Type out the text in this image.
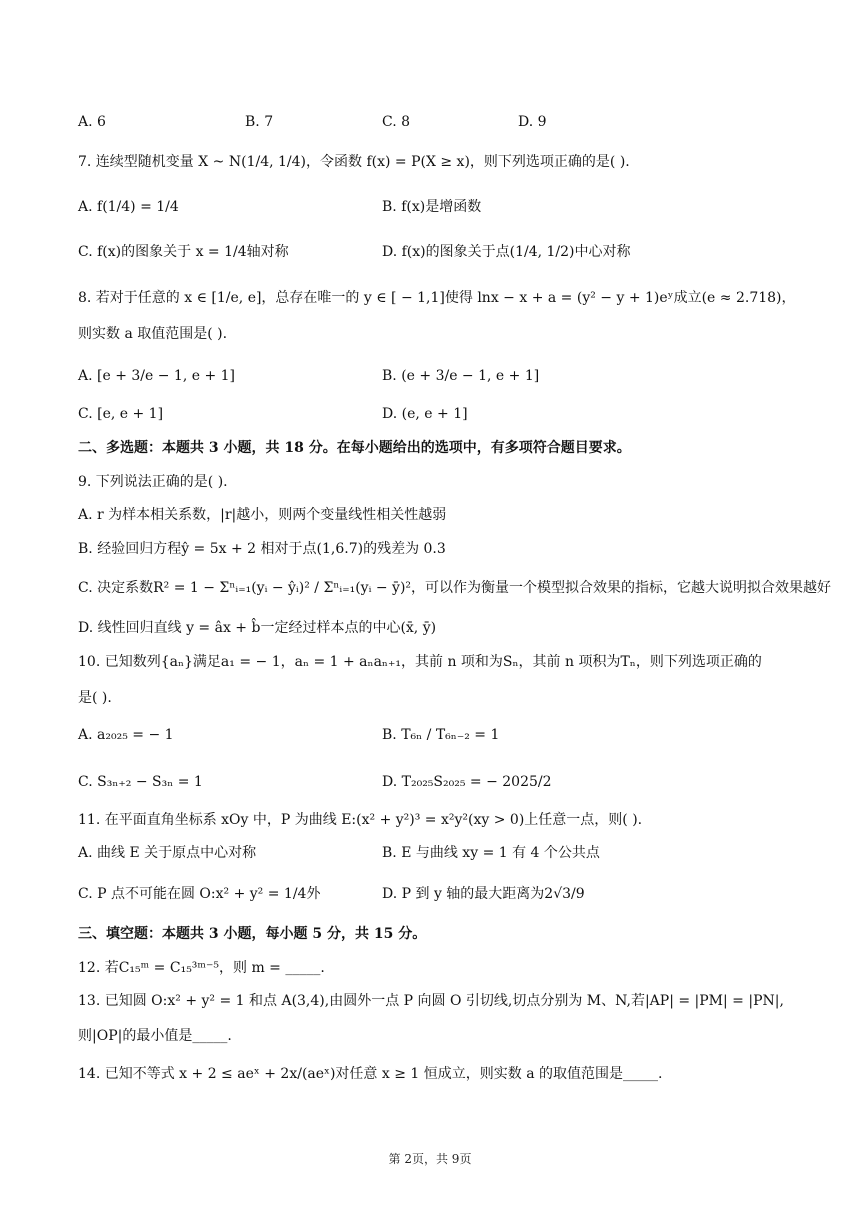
A. 6	B. 7	C. 8	D. 9
7. 连续型随机变量 X ~ N(1/4, 1/4)，令函数 f(x) = P(X ≥ x)，则下列选项正确的是( ).
A. f(1/4) = 1/4	B. f(x)是增函数
C. f(x)的图象关于 x = 1/4轴对称	D. f(x)的图象关于点(1/4, 1/2)中心对称
8. 若对于任意的 x ∈ [1/e, e]，总存在唯一的 y ∈ [ − 1,1]使得 lnx − x + a = (y² − y + 1)eʸ成立(e ≈ 2.718)，
则实数 a 取值范围是( ).
A. [e + 3/e − 1, e + 1]	B. (e + 3/e − 1, e + 1]
C. [e, e + 1]	D. (e, e + 1]
二、多选题：本题共 3 小题，共 18 分。在每小题给出的选项中，有多项符合题目要求。
9. 下列说法正确的是( ).
A. r 为样本相关系数，|r|越小，则两个变量线性相关性越弱
B. 经验回归方程ŷ = 5x + 2 相对于点(1,6.7)的残差为 0.3
C. 决定系数R² = 1 − Σⁿᵢ₌₁(yᵢ − ŷᵢ)² / Σⁿᵢ₌₁(yᵢ − ȳ)²，可以作为衡量一个模型拟合效果的指标，它越大说明拟合效果越好
D. 线性回归直线 y = âx + b̂一定经过样本点的中心(x̄, ȳ)
10. 已知数列{aₙ}满足a₁ = − 1，aₙ = 1 + aₙaₙ₊₁，其前 n 项和为Sₙ，其前 n 项积为Tₙ，则下列选项正确的
是( ).
A. a₂₀₂₅ = − 1	B. T₆ₙ / T₆ₙ₋₂ = 1
C. S₃ₙ₊₂ − S₃ₙ = 1	D. T₂₀₂₅S₂₀₂₅ = − 2025/2
11. 在平面直角坐标系 xOy 中，P 为曲线 E:(x² + y²)³ = x²y²(xy > 0)上任意一点，则( ).
A. 曲线 E 关于原点中心对称	B. E 与曲线 xy = 1 有 4 个公共点
C. P 点不可能在圆 O:x² + y² = 1/4外	D. P 到 y 轴的最大距离为2√3/9
三、填空题：本题共 3 小题，每小题 5 分，共 15 分。
12. 若C₁₅ᵐ = C₁₅³ᵐ⁻⁵，则 m = _____.
13. 已知圆 O:x² + y² = 1 和点 A(3,4),由圆外一点 P 向圆 O 引切线,切点分别为 M、N,若|AP| = |PM| = |PN|,
则|OP|的最小值是_____.
14. 已知不等式 x + 2 ≤ aeˣ + 2x/(aeˣ)对任意 x ≥ 1 恒成立，则实数 a 的取值范围是_____.
第 2页，共 9页
